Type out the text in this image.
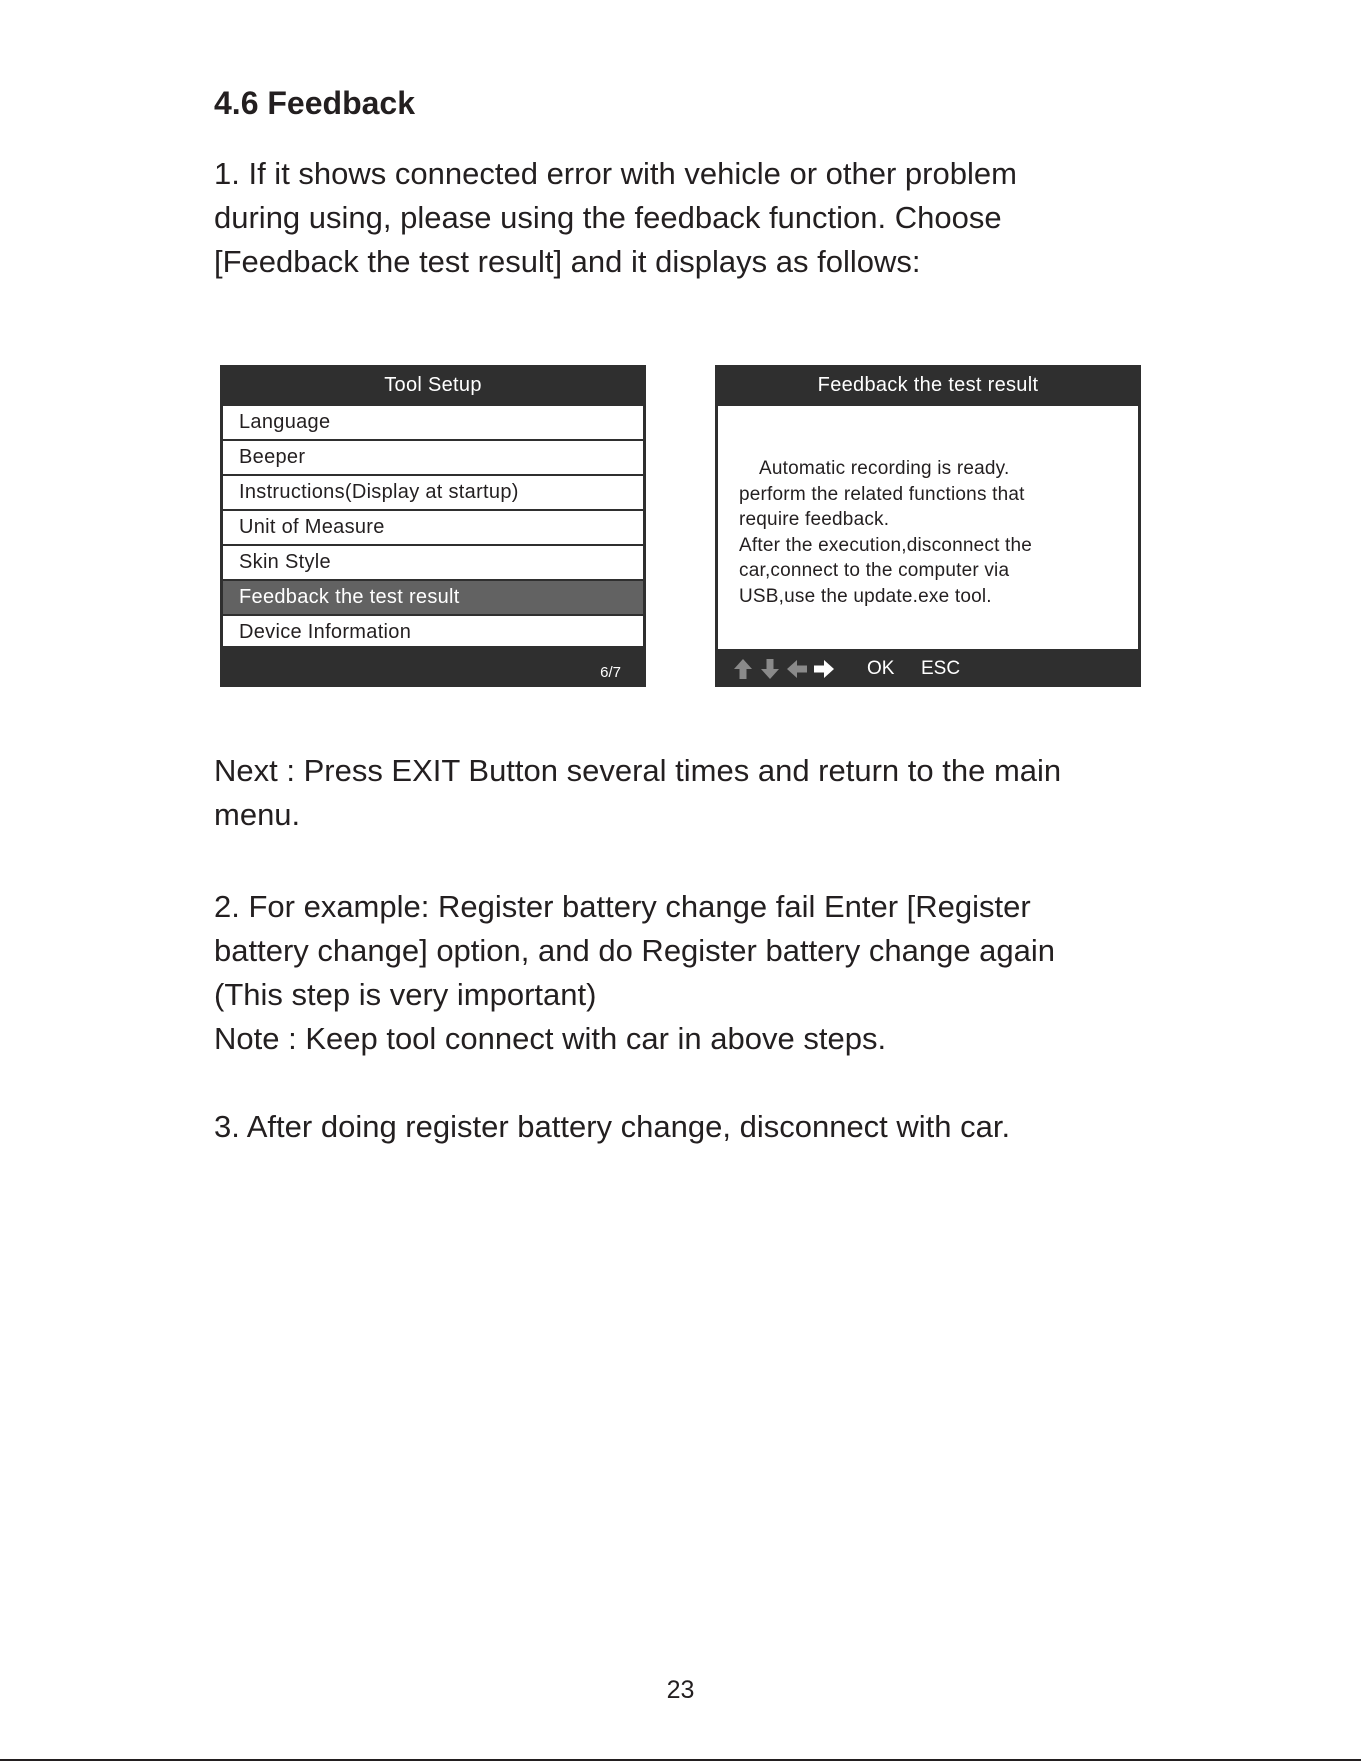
4.6 Feedback

1. If it shows connected error with vehicle or other problem
during using, please using the feedback function. Choose
[Feedback the test result] and it displays as follows:

Tool Setup
Language
Beeper
Instructions(Display at startup)
Unit of Measure
Skin Style
Feedback the test result
Device Information
6/7
Feedback the test result

Automatic recording is ready.
perform the related functions that
require feedback.
After the execution,disconnect the
car,connect to the computer via
USB,use the update.exe tool.

OK ESC

Next : Press EXIT Button several times and return to the main
menu.

2. For example: Register battery change fail Enter [Register
battery change] option, and do Register battery change again
(This step is very important)
Note : Keep tool connect with car in above steps.

3. After doing register battery change, disconnect with car.

23
